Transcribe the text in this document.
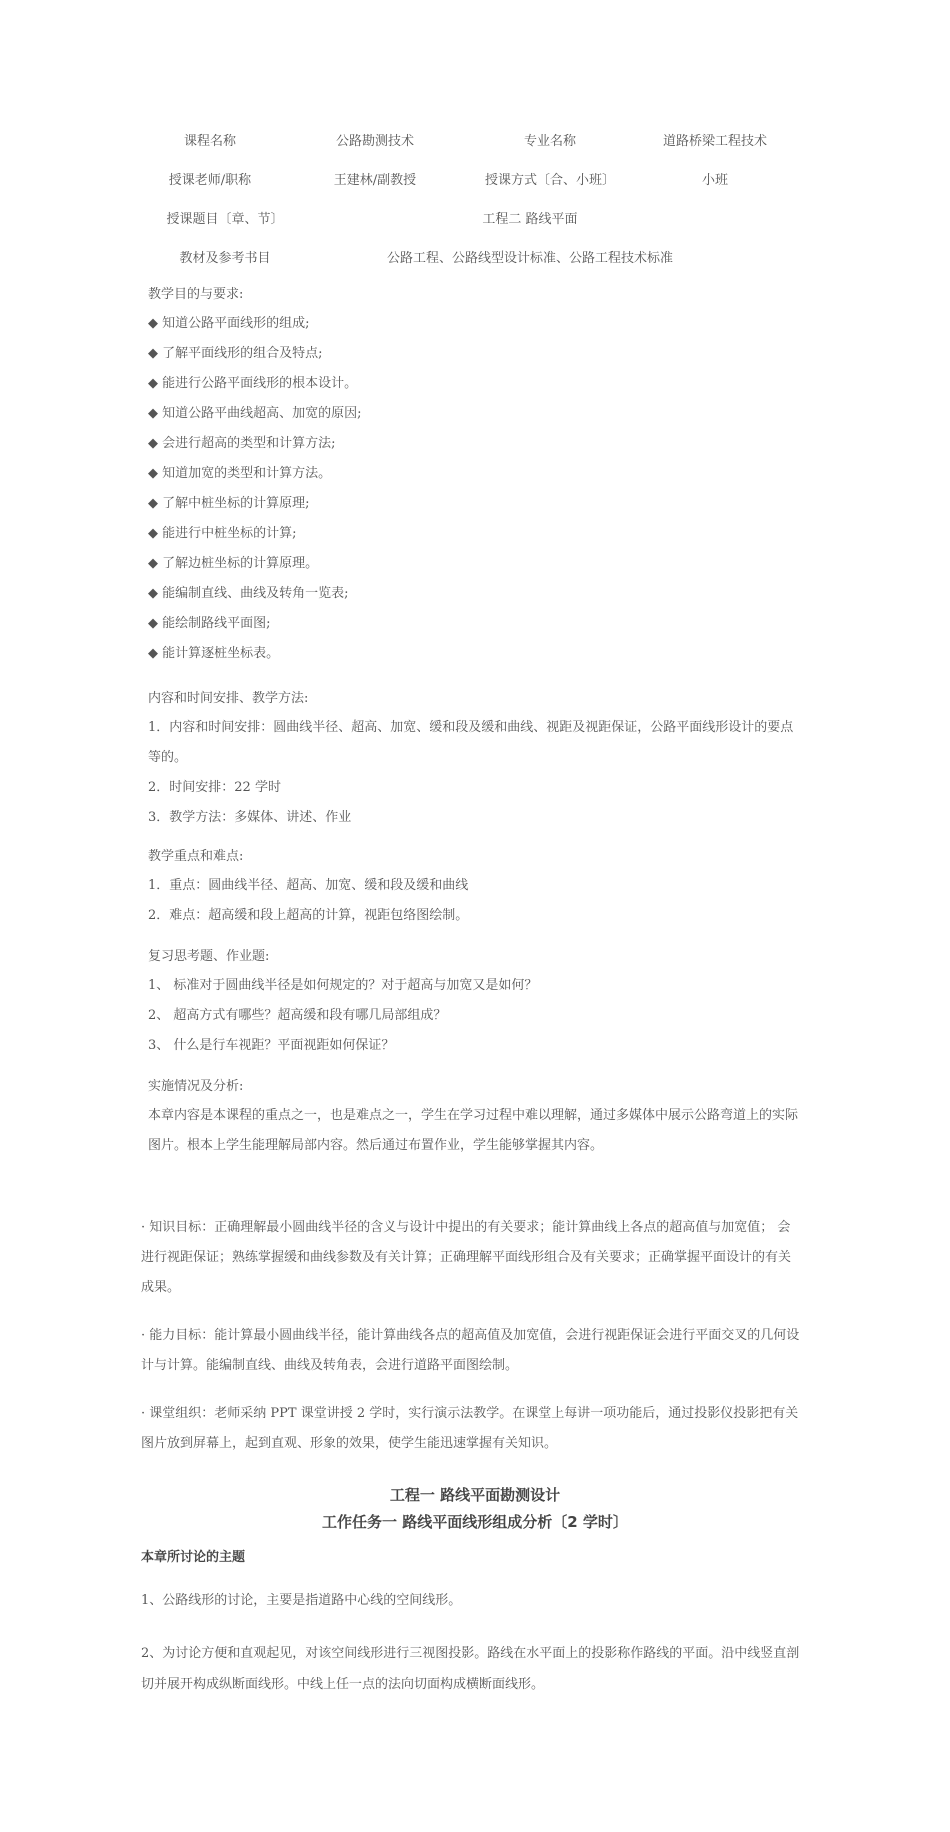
课程名称	公路勘测技术	专业名称	道路桥梁工程技术
授课老师/职称	王建林/副教授	授课方式〔合、小班〕	小班
授课题目〔章、节〕	工程二 路线平面
教材及参考书目	公路工程、公路线型设计标准、公路工程技术标准
教学目的与要求:
◆ 知道公路平面线形的组成;
◆ 了解平面线形的组合及特点;
◆ 能进行公路平面线形的根本设计。
◆ 知道公路平曲线超高、加宽的原因;
◆ 会进行超高的类型和计算方法;
◆ 知道加宽的类型和计算方法。
◆ 了解中桩坐标的计算原理;
◆ 能进行中桩坐标的计算;
◆ 了解边桩坐标的计算原理。
◆ 能编制直线、曲线及转角一览表;
◆ 能绘制路线平面图;
◆ 能计算逐桩坐标表。
内容和时间安排、教学方法:
1．内容和时间安排：圆曲线半径、超高、加宽、缓和段及缓和曲线、视距及视距保证，公路平面线形设计的要点等的。
2．时间安排：22 学时
3．教学方法：多媒体、讲述、作业
教学重点和难点:
1．重点：圆曲线半径、超高、加宽、缓和段及缓和曲线
2．难点：超高缓和段上超高的计算，视距包络图绘制。
复习思考题、作业题:
1、 标准对于圆曲线半径是如何规定的？对于超高与加宽又是如何？
2、 超高方式有哪些？超高缓和段有哪几局部组成？
3、 什么是行车视距？平面视距如何保证？
实施情况及分析:
本章内容是本课程的重点之一，也是难点之一，学生在学习过程中难以理解，通过多媒体中展示公路弯道上的实际图片。根本上学生能理解局部内容。然后通过布置作业，学生能够掌握其内容。
· 知识目标：正确理解最小圆曲线半径的含义与设计中提出的有关要求；能计算曲线上各点的超高值与加宽值； 会进行视距保证；熟练掌握缓和曲线参数及有关计算；正确理解平面线形组合及有关要求；正确掌握平面设计的有关成果。
· 能力目标：能计算最小圆曲线半径，能计算曲线各点的超高值及加宽值，会进行视距保证会进行平面交叉的几何设计与计算。能编制直线、曲线及转角表，会进行道路平面图绘制。
· 课堂组织：老师采纳 PPT 课堂讲授 2 学时，实行演示法教学。在课堂上每讲一项功能后，通过投影仪投影把有关图片放到屏幕上，起到直观、形象的效果，使学生能迅速掌握有关知识。
工程一 路线平面勘测设计
工作任务一 路线平面线形组成分析〔2 学时〕
本章所讨论的主题
1、公路线形的讨论，主要是指道路中心线的空间线形。
2、为讨论方便和直观起见，对该空间线形进行三视图投影。路线在水平面上的投影称作路线的平面。沿中线竖直剖切并展开构成纵断面线形。中线上任一点的法向切面构成横断面线形。
